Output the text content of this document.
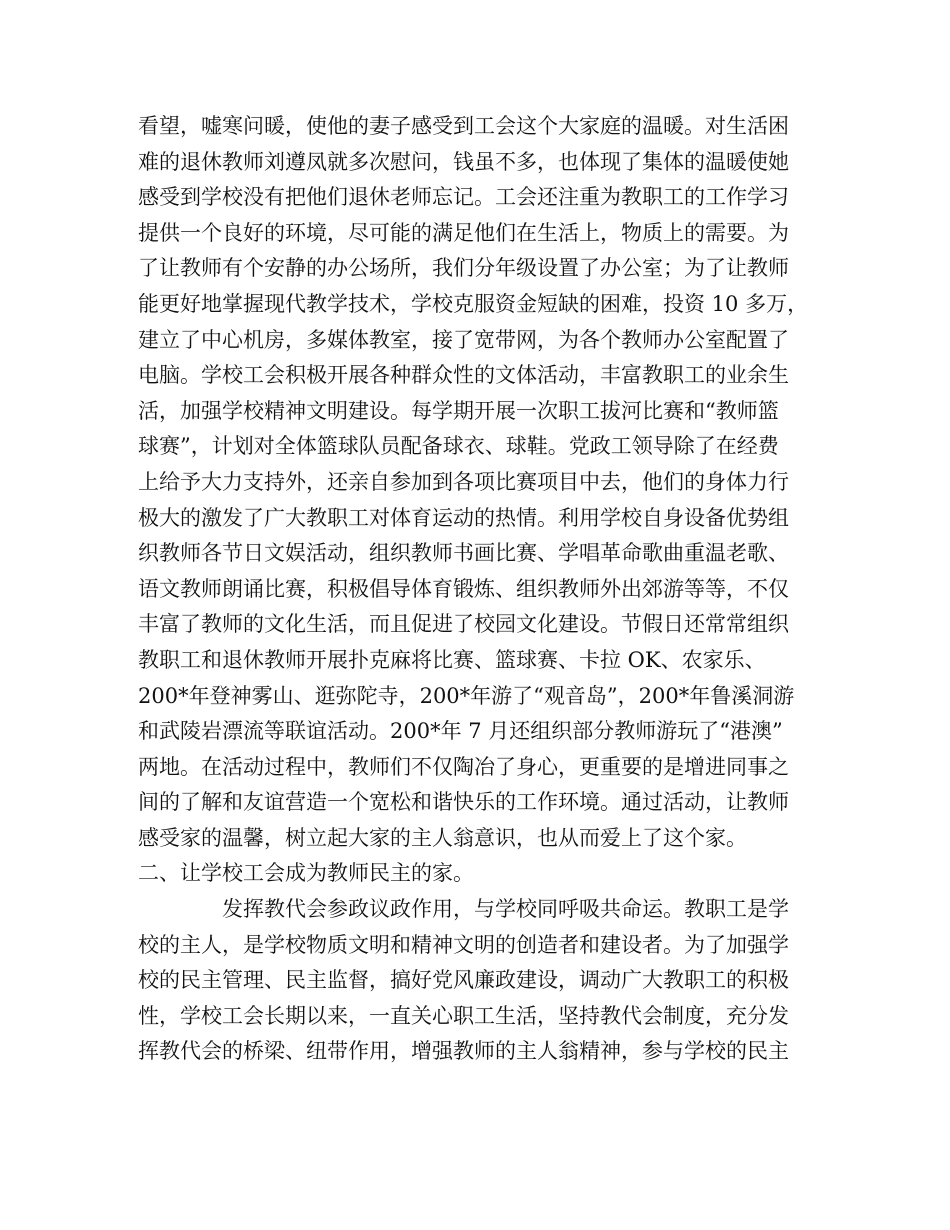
看望，嘘寒问暖，使他的妻子感受到工会这个大家庭的温暖。对生活困
难的退休教师刘遵凤就多次慰问，钱虽不多，也体现了集体的温暖使她
感受到学校没有把他们退休老师忘记。工会还注重为教职工的工作学习
提供一个良好的环境，尽可能的满足他们在生活上，物质上的需要。为
了让教师有个安静的办公场所，我们分年级设置了办公室；为了让教师
能更好地掌握现代教学技术，学校克服资金短缺的困难，投资 10 多万，
建立了中心机房，多媒体教室，接了宽带网，为各个教师办公室配置了
电脑。学校工会积极开展各种群众性的文体活动，丰富教职工的业余生
活，加强学校精神文明建设。每学期开展一次职工拔河比赛和“教师篮
球赛”，计划对全体篮球队员配备球衣、球鞋。党政工领导除了在经费
上给予大力支持外，还亲自参加到各项比赛项目中去，他们的身体力行
极大的激发了广大教职工对体育运动的热情。利用学校自身设备优势组
织教师各节日文娱活动，组织教师书画比赛、学唱革命歌曲重温老歌、
语文教师朗诵比赛，积极倡导体育锻炼、组织教师外出郊游等等，不仅
丰富了教师的文化生活，而且促进了校园文化建设。节假日还常常组织
教职工和退休教师开展扑克麻将比赛、篮球赛、卡拉 OK、农家乐、
200*年登神雾山、逛弥陀寺，200*年游了“观音岛”，200*年鲁溪洞游
和武陵岩漂流等联谊活动。200*年 7 月还组织部分教师游玩了“港澳”
两地。在活动过程中，教师们不仅陶冶了身心，更重要的是增进同事之
间的了解和友谊营造一个宽松和谐快乐的工作环境。通过活动，让教师
感受家的温馨，树立起大家的主人翁意识，也从而爱上了这个家。
二、让学校工会成为教师民主的家。
发挥教代会参政议政作用，与学校同呼吸共命运。教职工是学
校的主人，是学校物质文明和精神文明的创造者和建设者。为了加强学
校的民主管理、民主监督，搞好党风廉政建设，调动广大教职工的积极
性，学校工会长期以来，一直关心职工生活，坚持教代会制度，充分发
挥教代会的桥梁、纽带作用，增强教师的主人翁精神，参与学校的民主
